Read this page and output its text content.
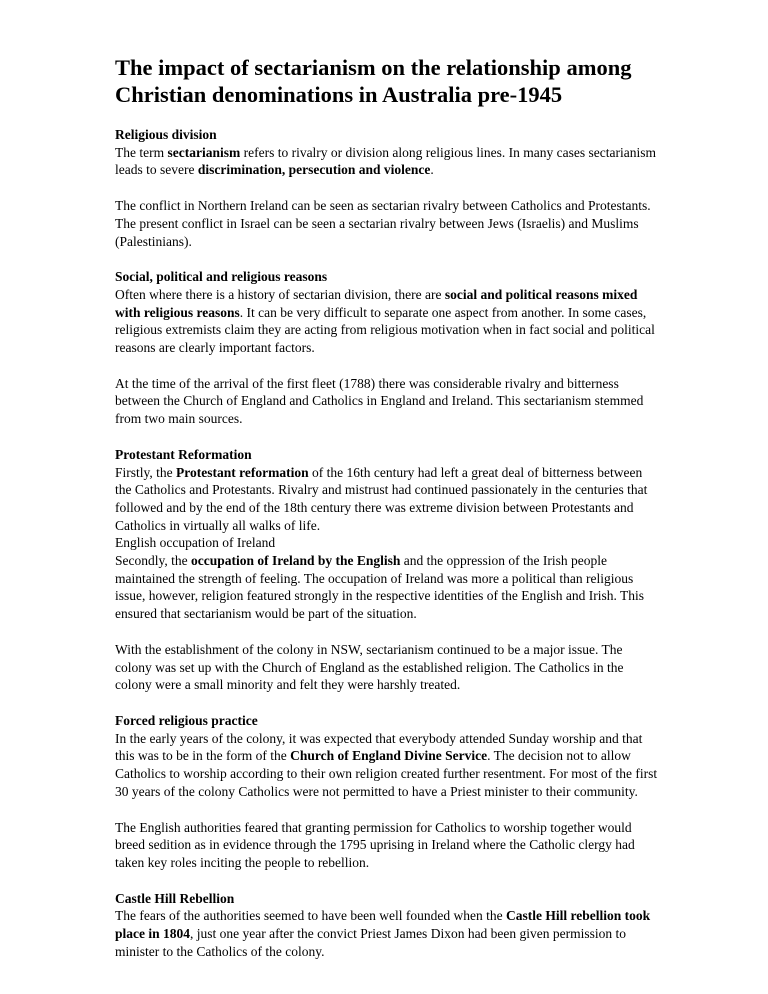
The impact of sectarianism on the relationship among Christian denominations in Australia pre-1945

Religious division
The term sectarianism refers to rivalry or division along religious lines. In many cases sectarianism leads to severe discrimination, persecution and violence.

The conflict in Northern Ireland can be seen as sectarian rivalry between Catholics and Protestants. The present conflict in Israel can be seen a sectarian rivalry between Jews (Israelis) and Muslims (Palestinians).

Social, political and religious reasons
Often where there is a history of sectarian division, there are social and political reasons mixed with religious reasons. It can be very difficult to separate one aspect from another. In some cases, religious extremists claim they are acting from religious motivation when in fact social and political reasons are clearly important factors.

At the time of the arrival of the first fleet (1788) there was considerable rivalry and bitterness between the Church of England and Catholics in England and Ireland. This sectarianism stemmed from two main sources.

Protestant Reformation
Firstly, the Protestant reformation of the 16th century had left a great deal of bitterness between the Catholics and Protestants. Rivalry and mistrust had continued passionately in the centuries that followed and by the end of the 18th century there was extreme division between Protestants and Catholics in virtually all walks of life.

English occupation of Ireland
Secondly, the occupation of Ireland by the English and the oppression of the Irish people maintained the strength of feeling. The occupation of Ireland was more a political than religious issue, however, religion featured strongly in the respective identities of the English and Irish. This ensured that sectarianism would be part of the situation.

With the establishment of the colony in NSW, sectarianism continued to be a major issue. The colony was set up with the Church of England as the established religion. The Catholics in the colony were a small minority and felt they were harshly treated.

Forced religious practice
In the early years of the colony, it was expected that everybody attended Sunday worship and that this was to be in the form of the Church of England Divine Service. The decision not to allow Catholics to worship according to their own religion created further resentment. For most of the first 30 years of the colony Catholics were not permitted to have a Priest minister to their community.

The English authorities feared that granting permission for Catholics to worship together would breed sedition as in evidence through the 1795 uprising in Ireland where the Catholic clergy had taken key roles inciting the people to rebellion.

Castle Hill Rebellion
The fears of the authorities seemed to have been well founded when the Castle Hill rebellion took place in 1804, just one year after the convict Priest James Dixon had been given permission to minister to the Catholics of the colony.
